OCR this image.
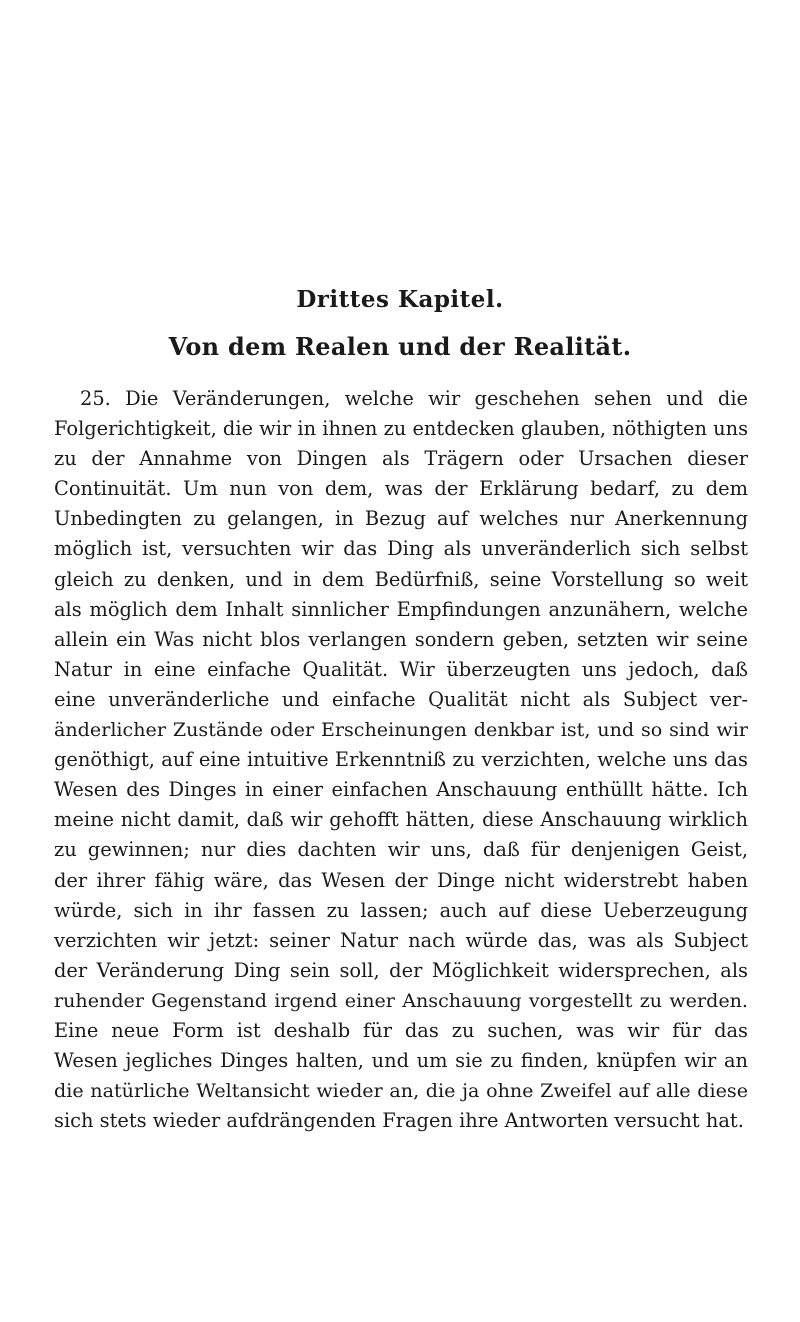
Drittes Kapitel.
Von dem Realen und der Realität.
25. Die Veränderungen, welche wir geschehen sehen und die
Folgerichtigkeit, die wir in ihnen zu entdecken glauben, nöthigten uns
zu der Annahme von Dingen als Trägern oder Ursachen dieser
Continuität. Um nun von dem, was der Erklärung bedarf, zu dem
Unbedingten zu gelangen, in Bezug auf welches nur Anerkennung
möglich ist, versuchten wir das Ding als unveränderlich sich selbst
gleich zu denken, und in dem Bedürfniß, seine Vorstellung so weit
als möglich dem Inhalt sinnlicher Empfindungen anzunähern, welche
allein ein Was nicht blos verlangen sondern geben, setzten wir seine
Natur in eine einfache Qualität. Wir überzeugten uns jedoch, daß
eine unveränderliche und einfache Qualität nicht als Subject ver-
änderlicher Zustände oder Erscheinungen denkbar ist, und so sind wir
genöthigt, auf eine intuitive Erkenntniß zu verzichten, welche uns das
Wesen des Dinges in einer einfachen Anschauung enthüllt hätte. Ich
meine nicht damit, daß wir gehofft hätten, diese Anschauung wirklich
zu gewinnen; nur dies dachten wir uns, daß für denjenigen Geist,
der ihrer fähig wäre, das Wesen der Dinge nicht widerstrebt haben
würde, sich in ihr fassen zu lassen; auch auf diese Ueberzeugung
verzichten wir jetzt: seiner Natur nach würde das, was als Subject
der Veränderung Ding sein soll, der Möglichkeit widersprechen, als
ruhender Gegenstand irgend einer Anschauung vorgestellt zu werden.
Eine neue Form ist deshalb für das zu suchen, was wir für das
Wesen jegliches Dinges halten, und um sie zu finden, knüpfen wir an
die natürliche Weltansicht wieder an, die ja ohne Zweifel auf alle diese
sich stets wieder aufdrängenden Fragen ihre Antworten versucht hat.
